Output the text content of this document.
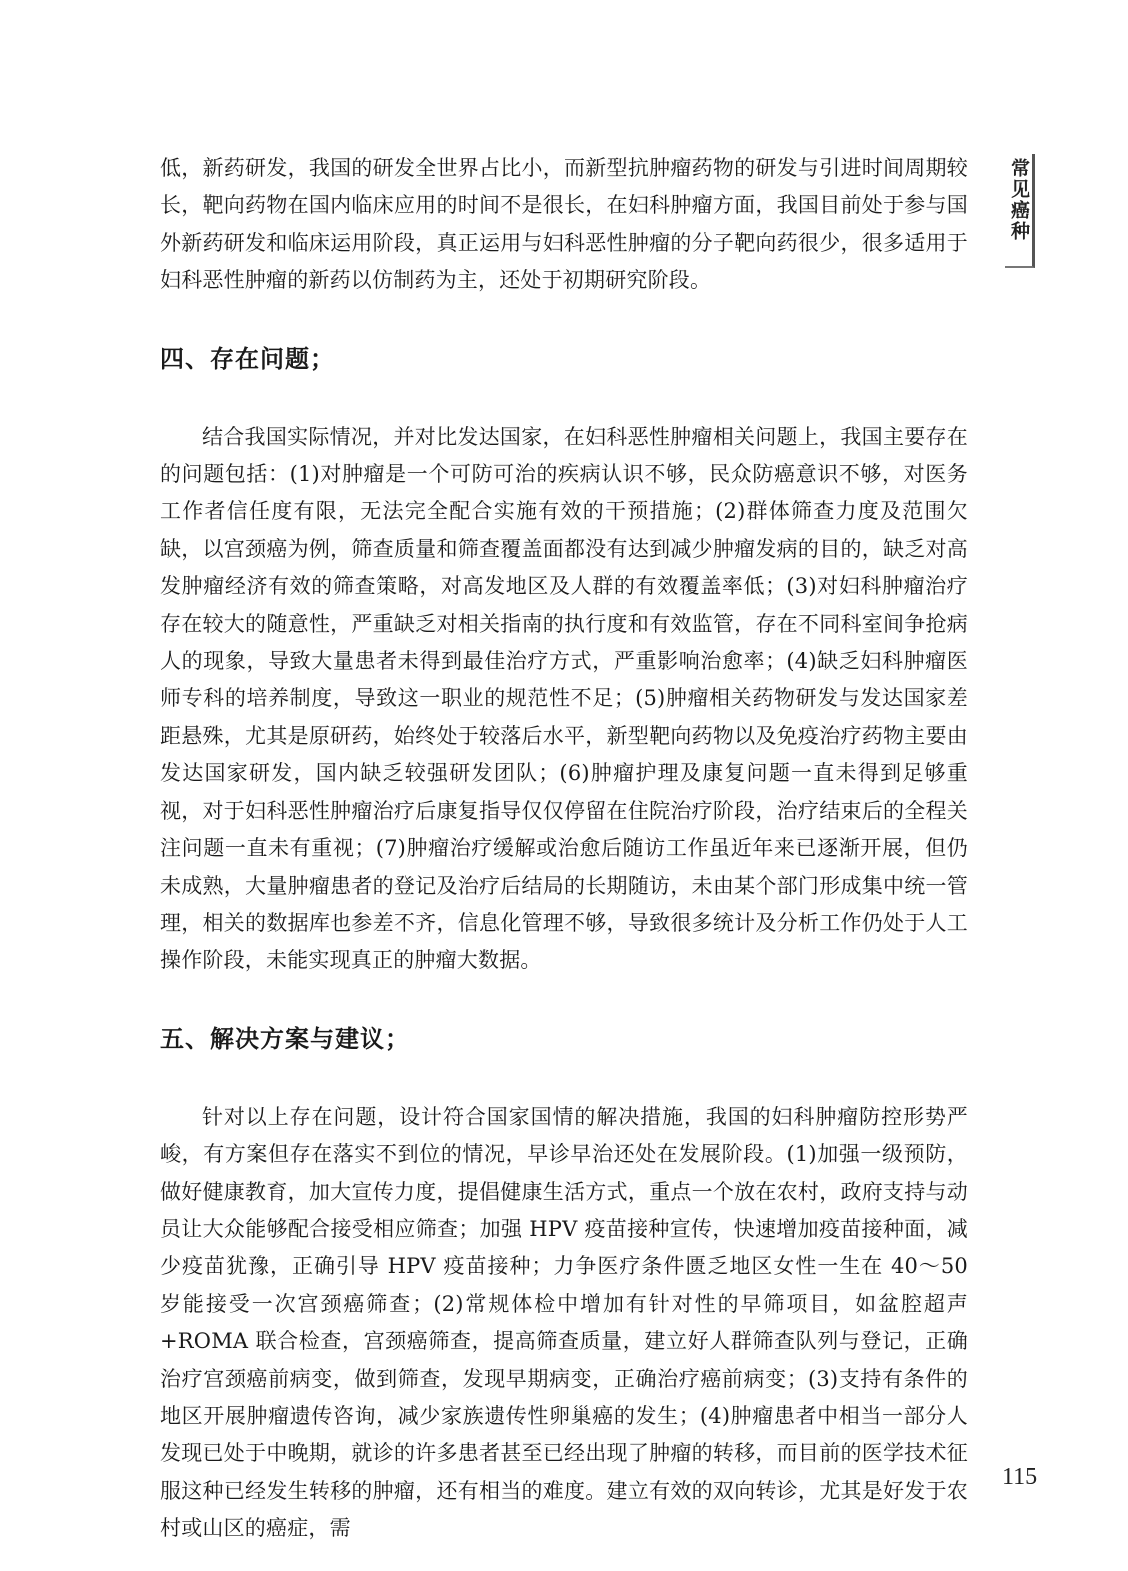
常见癌种

低，新药研发，我国的研发全世界占比小，而新型抗肿瘤药物的研发与引进时间周期较长，靶向药物在国内临床应用的时间不是很长，在妇科肿瘤方面，我国目前处于参与国外新药研发和临床运用阶段，真正运用与妇科恶性肿瘤的分子靶向药很少，很多适用于妇科恶性肿瘤的新药以仿制药为主，还处于初期研究阶段。

四、存在问题；

结合我国实际情况，并对比发达国家，在妇科恶性肿瘤相关问题上，我国主要存在的问题包括：(1)对肿瘤是一个可防可治的疾病认识不够，民众防癌意识不够，对医务工作者信任度有限，无法完全配合实施有效的干预措施；(2)群体筛查力度及范围欠缺，以宫颈癌为例，筛查质量和筛查覆盖面都没有达到减少肿瘤发病的目的，缺乏对高发肿瘤经济有效的筛查策略，对高发地区及人群的有效覆盖率低；(3)对妇科肿瘤治疗存在较大的随意性，严重缺乏对相关指南的执行度和有效监管，存在不同科室间争抢病人的现象，导致大量患者未得到最佳治疗方式，严重影响治愈率；(4)缺乏妇科肿瘤医师专科的培养制度，导致这一职业的规范性不足；(5)肿瘤相关药物研发与发达国家差距悬殊，尤其是原研药，始终处于较落后水平，新型靶向药物以及免疫治疗药物主要由发达国家研发，国内缺乏较强研发团队；(6)肿瘤护理及康复问题一直未得到足够重视，对于妇科恶性肿瘤治疗后康复指导仅仅停留在住院治疗阶段，治疗结束后的全程关注问题一直未有重视；(7)肿瘤治疗缓解或治愈后随访工作虽近年来已逐渐开展，但仍未成熟，大量肿瘤患者的登记及治疗后结局的长期随访，未由某个部门形成集中统一管理，相关的数据库也参差不齐，信息化管理不够，导致很多统计及分析工作仍处于人工操作阶段，未能实现真正的肿瘤大数据。

五、解决方案与建议；

针对以上存在问题，设计符合国家国情的解决措施，我国的妇科肿瘤防控形势严峻，有方案但存在落实不到位的情况，早诊早治还处在发展阶段。(1)加强一级预防，做好健康教育，加大宣传力度，提倡健康生活方式，重点一个放在农村，政府支持与动员让大众能够配合接受相应筛查；加强 HPV 疫苗接种宣传，快速增加疫苗接种面，减少疫苗犹豫，正确引导 HPV 疫苗接种；力争医疗条件匮乏地区女性一生在 40～50 岁能接受一次宫颈癌筛查；(2)常规体检中增加有针对性的早筛项目，如盆腔超声 +ROMA 联合检查，宫颈癌筛查，提高筛查质量，建立好人群筛查队列与登记，正确治疗宫颈癌前病变，做到筛查，发现早期病变，正确治疗癌前病变；(3)支持有条件的地区开展肿瘤遗传咨询，减少家族遗传性卵巢癌的发生；(4)肿瘤患者中相当一部分人发现已处于中晚期，就诊的许多患者甚至已经出现了肿瘤的转移，而目前的医学技术征服这种已经发生转移的肿瘤，还有相当的难度。建立有效的双向转诊，尤其是好发于农村或山区的癌症，需

115
